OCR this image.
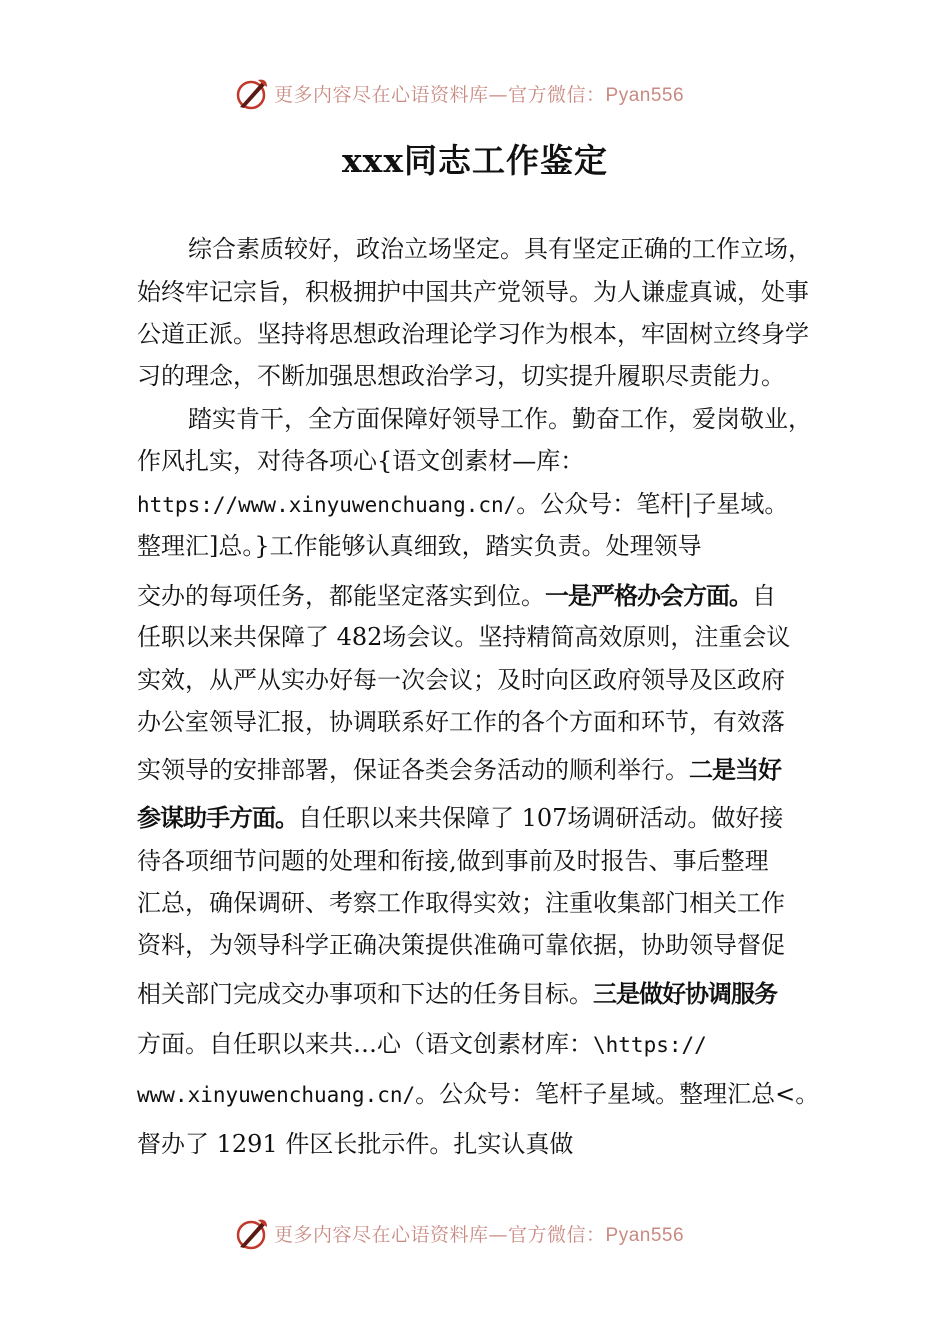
更多内容尽在心语资料库—官方微信：Pyan556
xxx同志工作鉴定
综合素质较好，政治立场坚定。具有坚定正确的工作立场，
始终牢记宗旨，积极拥护中国共产党领导。为人谦虚真诚，处事
公道正派。坚持将思想政治理论学习作为根本，牢固树立终身学
习的理念，不断加强思想政治学习，切实提升履职尽责能力。
踏实肯干，全方面保障好领导工作。勤奋工作，爱岗敬业，
作风扎实，对待各项心{语文创素材—库：
https://www.xinyuwenchuang.cn/。公众号：笔杆|子星域。
整理汇]总。}工作能够认真细致，踏实负责。处理领导
交办的每项任务，都能坚定落实到位。一是严格办会方面。自
任职以来共保障了 482场会议。坚持精简高效原则，注重会议
实效，从严从实办好每一次会议；及时向区政府领导及区政府
办公室领导汇报，协调联系好工作的各个方面和环节，有效落
实领导的安排部署，保证各类会务活动的顺利举行。二是当好
参谋助手方面。自任职以来共保障了 107场调研活动。做好接
待各项细节问题的处理和衔接,做到事前及时报告、事后整理
汇总，确保调研、考察工作取得实效；注重收集部门相关工作
资料，为领导科学正确决策提供准确可靠依据，协助领导督促
相关部门完成交办事项和下达的任务目标。三是做好协调服务
方面。自任职以来共…心（语文创素材库：\https://
www.xinyuwenchuang.cn/。公众号：笔杆子星域。整理汇总<。
督办了 1291 件区长批示件。扎实认真做
更多内容尽在心语资料库—官方微信：Pyan556
